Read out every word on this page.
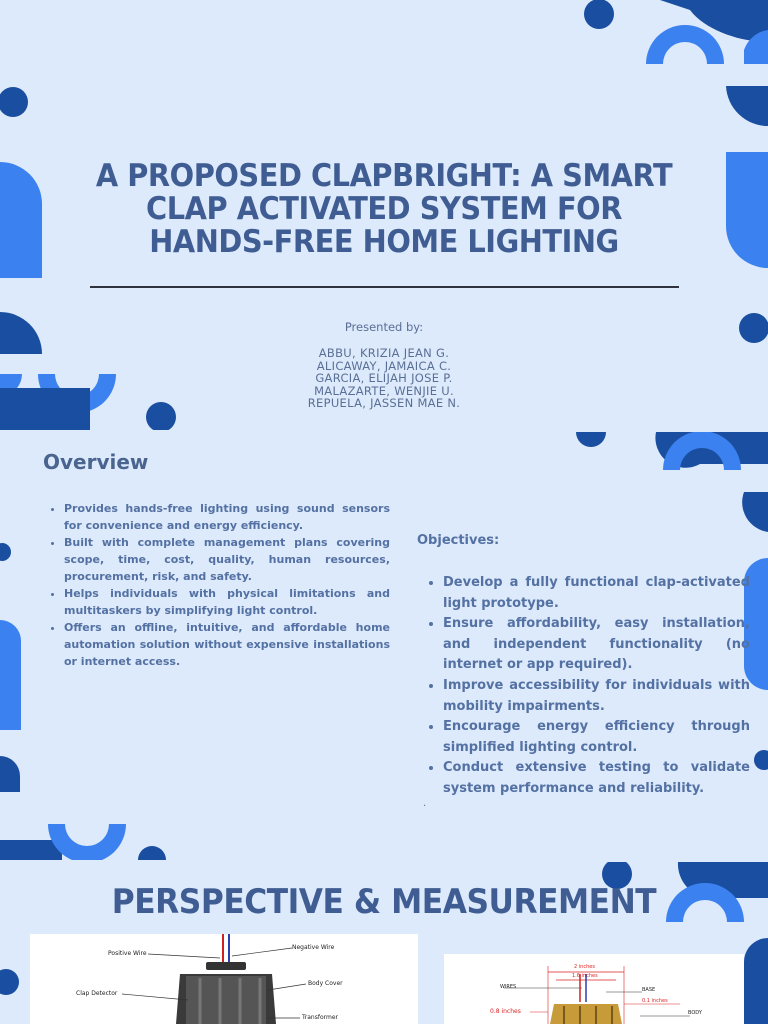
A PROPOSED CLAPBRIGHT: A SMART CLAP ACTIVATED SYSTEM FOR HANDS-FREE HOME LIGHTING
Presented by:
ABBU, KRIZIA JEAN G.
ALICAWAY, JAMAICA C.
GARCIA, ELIJAH JOSE P.
MALAZARTE, WENJIE U.
REPUELA, JASSEN MAE N.
Overview
• Provides hands-free lighting using sound sensors for convenience and energy efficiency.
• Built with complete management plans covering scope, time, cost, quality, human resources, procurement, risk, and safety.
• Helps individuals with physical limitations and multitaskers by simplifying light control.
• Offers an offline, intuitive, and affordable home automation solution without expensive installations or internet access.
Objectives:
• Develop a fully functional clap-activated light prototype.
• Ensure affordability, easy installation, and independent functionality (no internet or app required).
• Improve accessibility for individuals with mobility impairments.
• Encourage energy efficiency through simplified lighting control.
• Conduct extensive testing to validate system performance and reliability.
.
PERSPECTIVE & MEASUREMENT
Positive Wire
Negative Wire
Body Cover
Clap Detector
Transformer
2 inches
1.6 inches
WIRES	BASE
0.1 inches
BODY
0.8 inches
